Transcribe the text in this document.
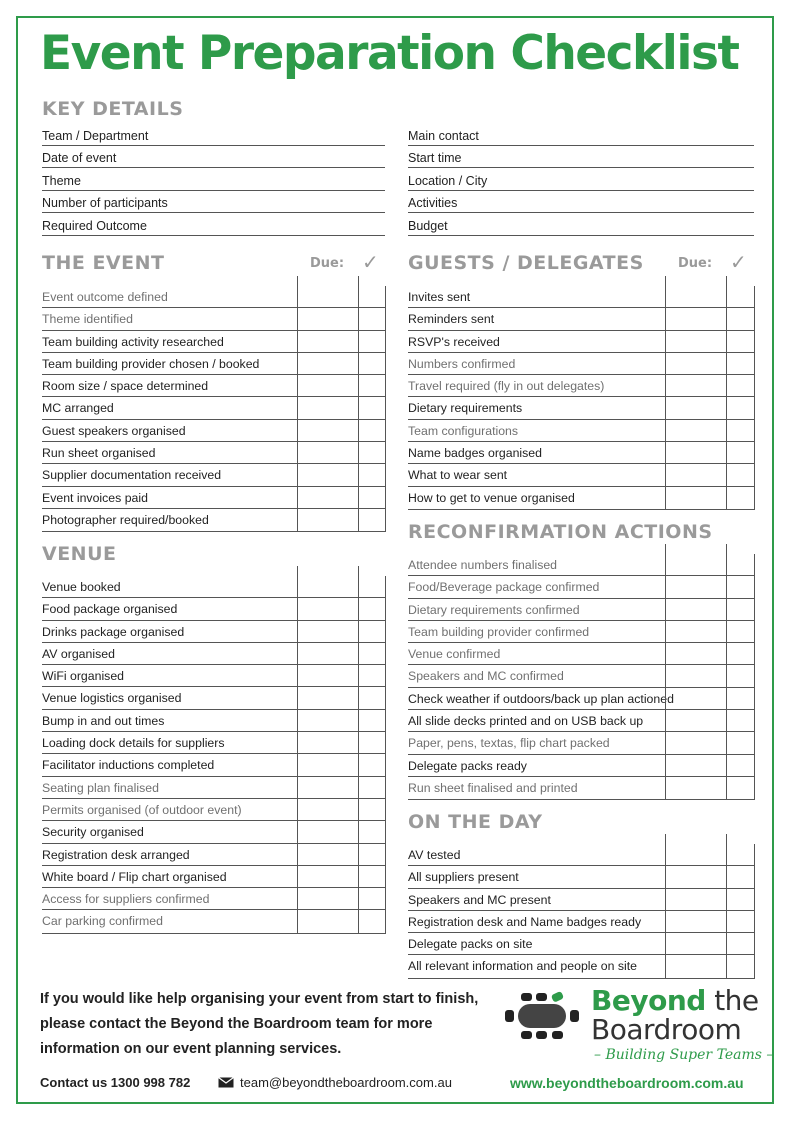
Event Preparation Checklist
KEY DETAILS
Team / Department
Date of event
Theme
Number of participants
Required Outcome
Main contact
Start time
Location / City
Activities
Budget
THE EVENT	Due: ✓
Event outcome defined
Theme identified
Team building activity researched
Team building provider chosen / booked
Room size / space determined
MC arranged
Guest speakers organised
Run sheet organised
Supplier documentation received
Event invoices paid
Photographer required/booked
VENUE
Venue booked
Food package organised
Drinks package organised
AV organised
WiFi organised
Venue logistics organised
Bump in and out times
Loading dock details for suppliers
Facilitator inductions completed
Seating plan finalised
Permits organised (of outdoor event)
Security organised
Registration desk arranged
White board / Flip chart organised
Access for suppliers confirmed
Car parking confirmed
GUESTS / DELEGATES	Due: ✓
Invites sent
Reminders sent
RSVP's received
Numbers confirmed
Travel required (fly in out delegates)
Dietary requirements
Team configurations
Name badges organised
What to wear sent
How to get to venue organised
RECONFIRMATION ACTIONS
Attendee numbers finalised
Food/Beverage package confirmed
Dietary requirements confirmed
Team building provider confirmed
Venue confirmed
Speakers and MC confirmed
Check weather if outdoors/back up plan actioned
All slide decks printed and on USB back up
Paper, pens, textas, flip chart packed
Delegate packs ready
Run sheet finalised and printed
ON THE DAY
AV tested
All suppliers present
Speakers and MC present
Registration desk and Name badges ready
Delegate packs on site
All relevant information and people on site

If you would like help organising your event from start to finish, please contact the Beyond the Boardroom team for more information on our event planning services.

Contact us 1300 998 782	team@beyondtheboardroom.com.au	www.beyondtheboardroom.com.au
Beyond the
Boardroom
– Building Super Teams –
